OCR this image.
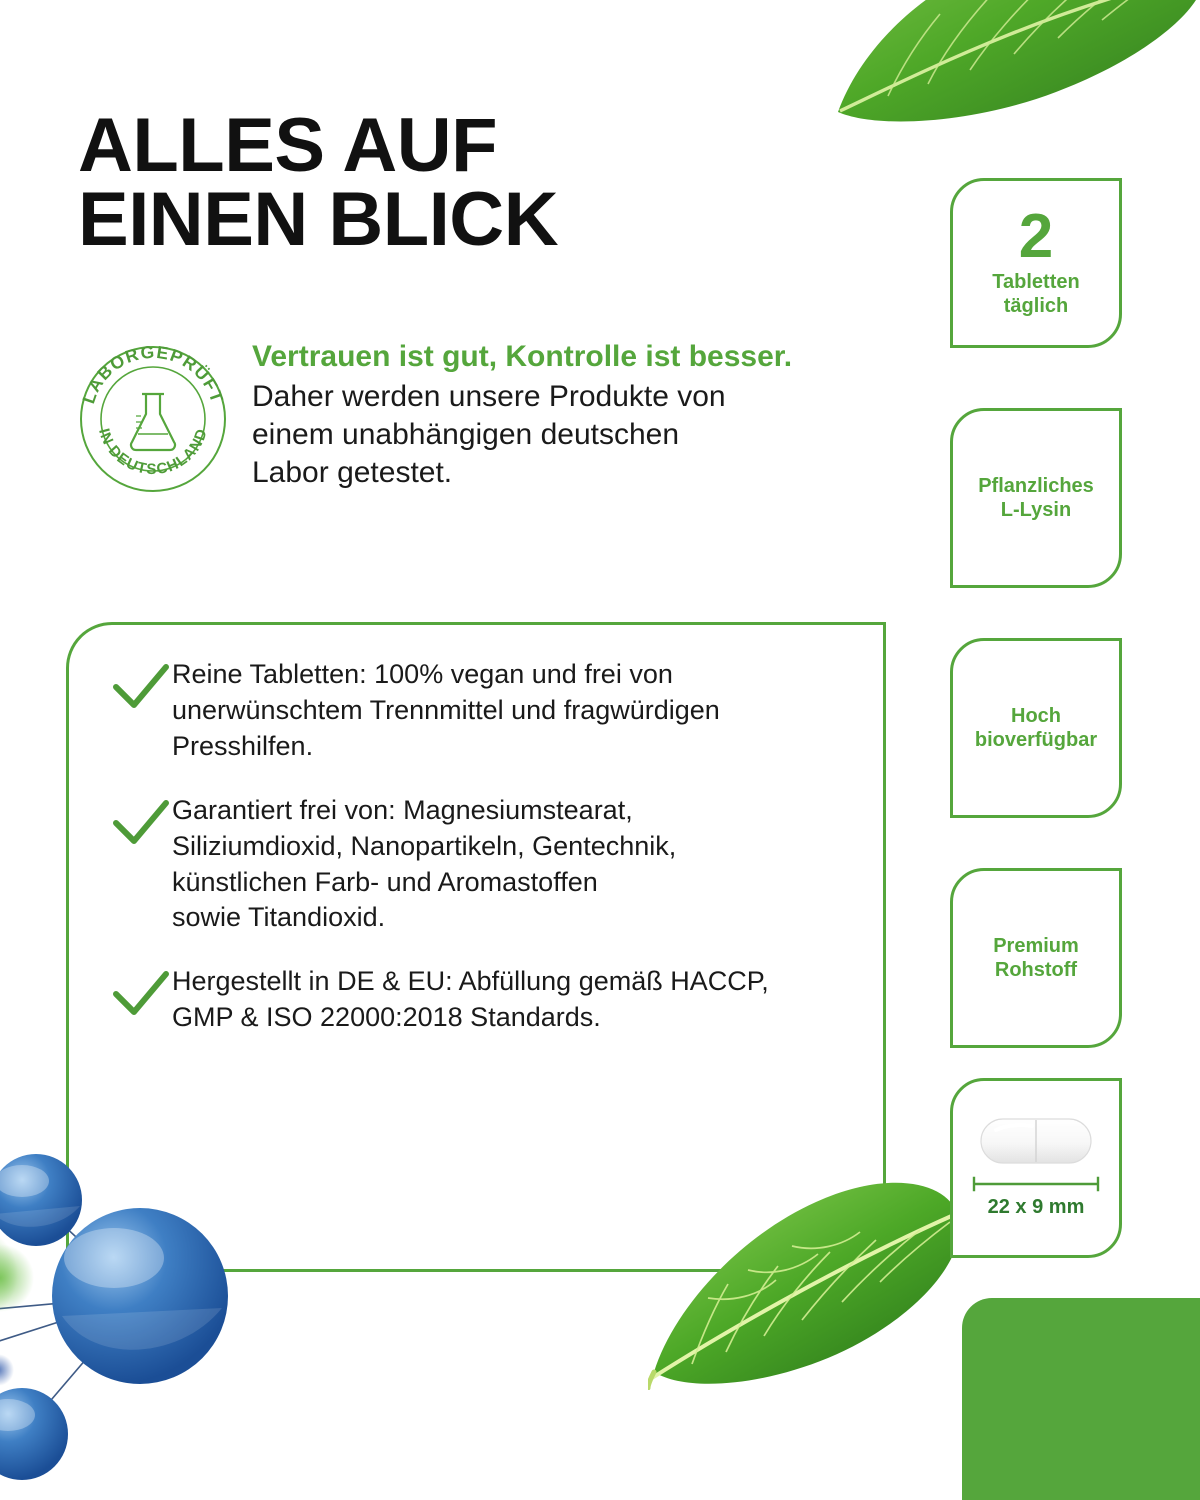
ALLES AUF
EINEN BLICK
LABORGEPRÜFT
IN DEUTSCHLAND
Vertrauen ist gut, Kontrolle ist besser.
Daher werden unsere Produkte von
einem unabhängigen deutschen
Labor getestet.
Reine Tabletten: 100% vegan und frei von
unerwünschtem Trennmittel und fragwürdigen
Presshilfen.
Garantiert frei von: Magnesiumstearat,
Siliziumdioxid, Nanopartikeln, Gentechnik,
künstlichen Farb- und Aromastoffen
sowie Titandioxid.
Hergestellt in DE & EU: Abfüllung gemäß HACCP,
GMP & ISO 22000:2018 Standards.
2
Tabletten
täglich
Pflanzliches
L-Lysin
Hoch
bioverfügbar
Premium
Rohstoff
22 x 9 mm
